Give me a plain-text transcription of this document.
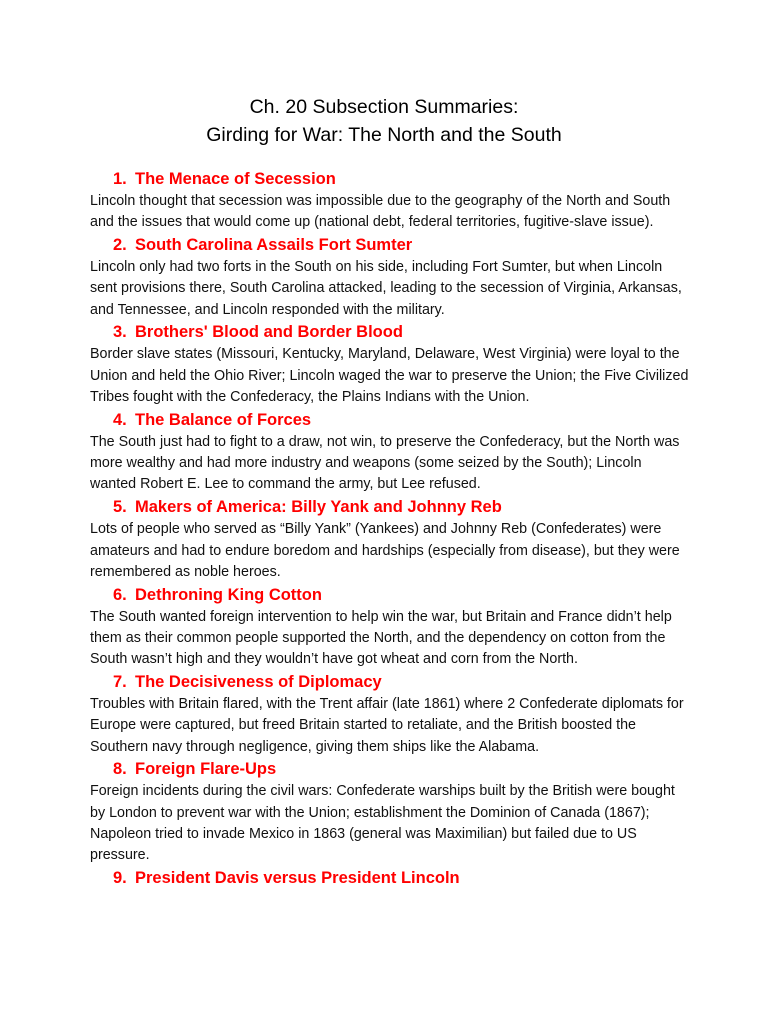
Ch. 20 Subsection Summaries:
Girding for War: The North and the South
1. The Menace of Secession

Lincoln thought that secession was impossible due to the geography of the North and South and the issues that would come up (national debt, federal territories, fugitive-slave issue).

2. South Carolina Assails Fort Sumter

Lincoln only had two forts in the South on his side, including Fort Sumter, but when Lincoln sent provisions there, South Carolina attacked, leading to the secession of Virginia, Arkansas, and Tennessee, and Lincoln responded with the military.

3. Brothers' Blood and Border Blood

Border slave states (Missouri, Kentucky, Maryland, Delaware, West Virginia) were loyal to the Union and held the Ohio River; Lincoln waged the war to preserve the Union; the Five Civilized Tribes fought with the Confederacy, the Plains Indians with the Union.

4. The Balance of Forces

The South just had to fight to a draw, not win, to preserve the Confederacy, but the North was more wealthy and had more industry and weapons (some seized by the South); Lincoln wanted Robert E. Lee to command the army, but Lee refused.

5. Makers of America: Billy Yank and Johnny Reb

Lots of people who served as “Billy Yank” (Yankees) and Johnny Reb (Confederates) were amateurs and had to endure boredom and hardships (especially from disease), but they were remembered as noble heroes.

6. Dethroning King Cotton

The South wanted foreign intervention to help win the war, but Britain and France didn’t help them as their common people supported the North, and the dependency on cotton from the South wasn’t high and they wouldn’t have got wheat and corn from the North.

7. The Decisiveness of Diplomacy

Troubles with Britain flared, with the Trent affair (late 1861) where 2 Confederate diplomats for Europe were captured, but freed Britain started to retaliate, and the British boosted the Southern navy through negligence, giving them ships like the Alabama.

8. Foreign Flare-Ups

Foreign incidents during the civil wars: Confederate warships built by the British were bought by London to prevent war with the Union; establishment the Dominion of Canada (1867); Napoleon tried to invade Mexico in 1863 (general was Maximilian) but failed due to US pressure.

9. President Davis versus President Lincoln
